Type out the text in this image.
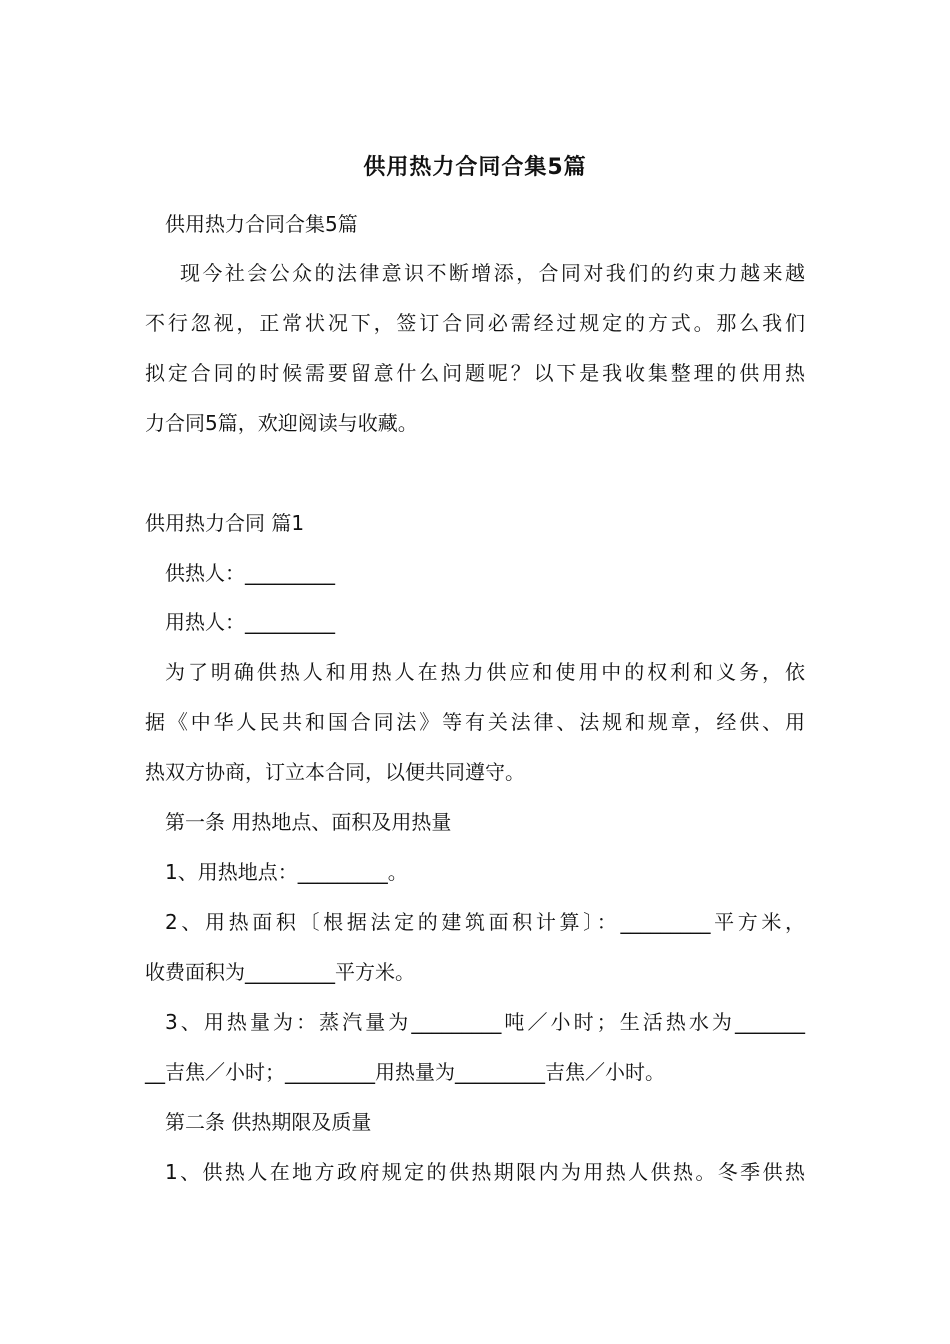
供用热力合同合集5篇
供用热力合同合集5篇
现今社会公众的法律意识不断增添，合同对我们的约束力越来越
不行忽视，正常状况下，签订合同必需经过规定的方式。那么我们
拟定合同的时候需要留意什么问题呢？以下是我收集整理的供用热
力合同5篇，欢迎阅读与收藏。
供用热力合同 篇1
供热人：_________
用热人：_________
为了明确供热人和用热人在热力供应和使用中的权利和义务，依
据《中华人民共和国合同法》等有关法律、法规和规章，经供、用
热双方协商，订立本合同，以便共同遵守。
第一条 用热地点、面积及用热量
1、用热地点：_________。
2、用热面积〔根据法定的建筑面积计算〕：_________平方米，
收费面积为_________平方米。
3、用热量为：蒸汽量为_________吨／小时；生活热水为_______
__吉焦／小时；_________用热量为_________吉焦／小时。
第二条 供热期限及质量
1、供热人在地方政府规定的供热期限内为用热人供热。冬季供热
